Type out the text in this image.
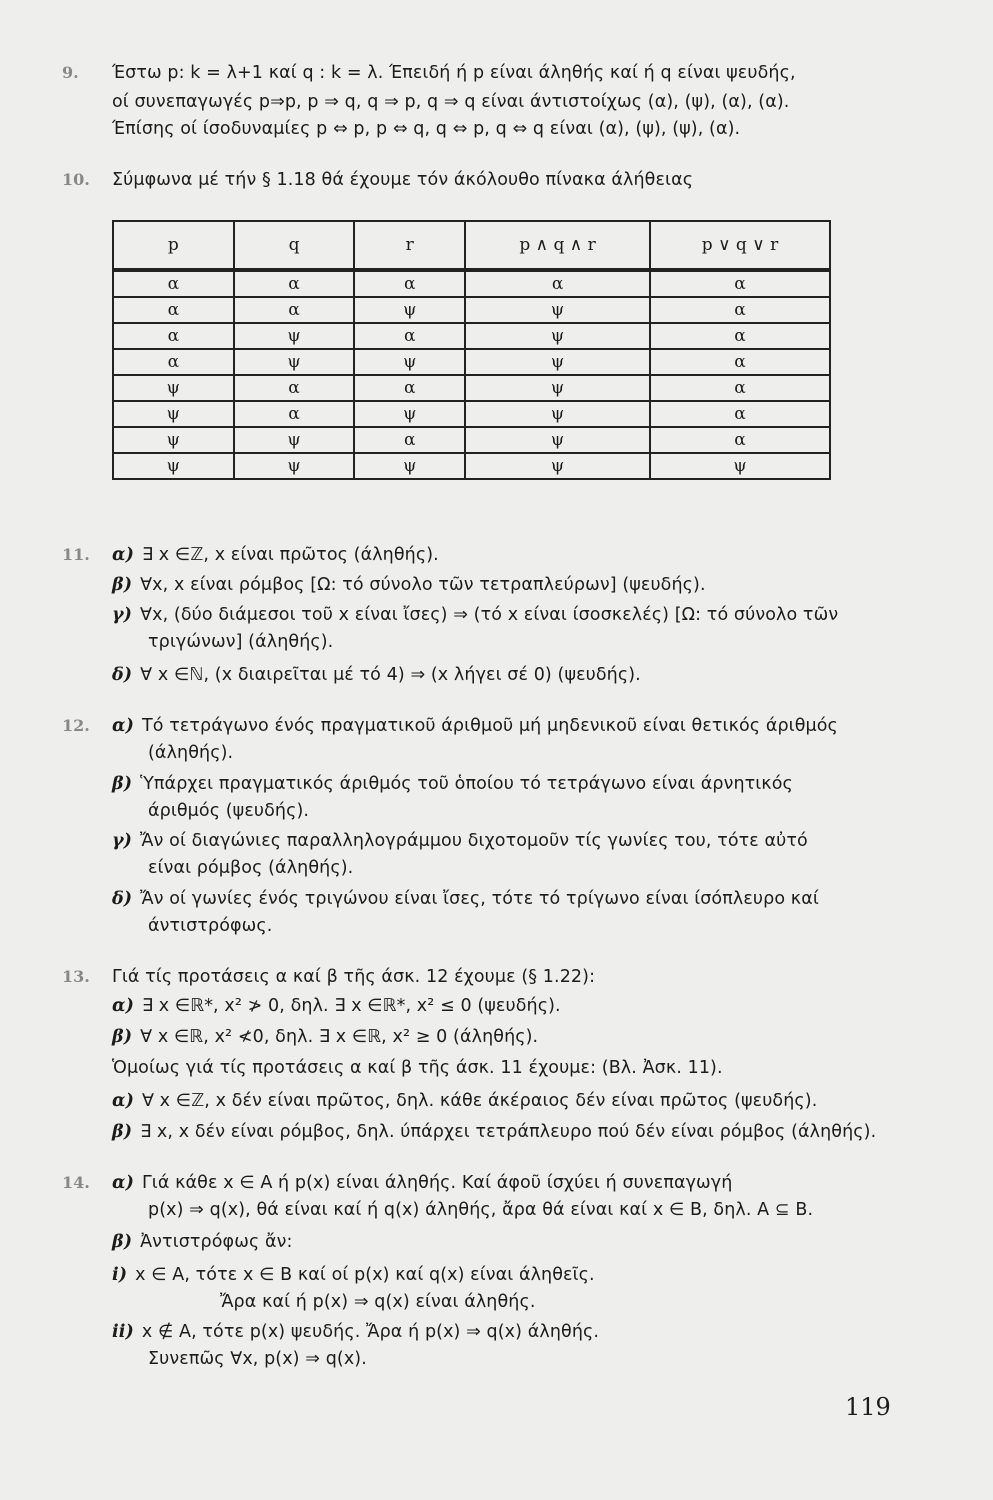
9. Έστω p: k = λ+1 καί q : k = λ. Έπειδή ή p είναι άληθής καί ή q είναι ψευδής,
οί συνεπαγωγές p⇒p, p ⇒ q, q ⇒ p, q ⇒ q είναι άντιστοίχως (α), (ψ), (α), (α).
Έπίσης οί ίσοδυναμίες p ⇔ p, p ⇔ q, q ⇔ p, q ⇔ q είναι (α), (ψ), (ψ), (α).
10. Σύμφωνα μέ τήν § 1.18 θά έχουμε τόν άκόλουθο πίνακα άλήθειας
p	q	r	p ∧ q ∧ r	p ∨ q ∨ r
α	α	α	α	α
α	α	ψ	ψ	α
α	ψ	α	ψ	α
α	ψ	ψ	ψ	α
ψ	α	α	ψ	α
ψ	α	ψ	ψ	α
ψ	ψ	α	ψ	α
ψ	ψ	ψ	ψ	ψ
11. α) ∃ x ∈ℤ, x είναι πρῶτος (άληθής).
β) ∀x, x είναι ρόμβος [Ω: τό σύνολο τῶν τετραπλεύρων] (ψευδής).
γ) ∀x, (δύο διάμεσοι τοῦ x είναι ἴσες) ⇒ (τό x είναι ίσοσκελές) [Ω: τό σύνολο τῶν
τριγώνων] (άληθής).
δ) ∀ x ∈ℕ, (x διαιρεῖται μέ τό 4) ⇒ (x λήγει σέ 0) (ψευδής).
12. α) Τό τετράγωνο ένός πραγματικοῦ άριθμοῦ μή μηδενικοῦ είναι θετικός άριθμός
(άληθής).
β) Ὑπάρχει πραγματικός άριθμός τοῦ ὁποίου τό τετράγωνο είναι άρνητικός
άριθμός (ψευδής).
γ) Ἄν οί διαγώνιες παραλληλογράμμου διχοτομοῦν τίς γωνίες του, τότε αὐτό
είναι ρόμβος (άληθής).
δ) Ἄν οί γωνίες ένός τριγώνου είναι ἴσες, τότε τό τρίγωνο είναι ίσόπλευρο καί
άντιστρόφως.
13. Γιά τίς προτάσεις α καί β τῆς άσκ. 12 έχουμε (§ 1.22):
α) ∃ x ∈ℝ*, x² ≯ 0, δηλ. ∃ x ∈ℝ*, x² ≤ 0 (ψευδής).
β) ∀ x ∈ℝ, x² ≮0, δηλ. ∃ x ∈ℝ, x² ≥ 0 (άληθής).
Ὁμοίως γιά τίς προτάσεις α καί β τῆς άσκ. 11 έχουμε: (Βλ. Ἀσκ. 11).
α) ∀ x ∈ℤ, x δέν είναι πρῶτος, δηλ. κάθε άκέραιος δέν είναι πρῶτος (ψευδής).
β) ∃ x, x δέν είναι ρόμβος, δηλ. ύπάρχει τετράπλευρο πού δέν είναι ρόμβος (άληθής).
14. α) Γιά κάθε x ∈ A ή p(x) είναι άληθής. Καί άφοῦ ίσχύει ή συνεπαγωγή
p(x) ⇒ q(x), θά είναι καί ή q(x) άληθής, ἄρα θά είναι καί x ∈ B, δηλ. A ⊆ B.
β) Ἀντιστρόφως ἄν:
i) x ∈ A, τότε x ∈ B καί οί p(x) καί q(x) είναι άληθεῖς.
Ἄρα καί ή p(x) ⇒ q(x) είναι άληθής.
ii) x ∉ A, τότε p(x) ψευδής. Ἄρα ή p(x) ⇒ q(x) άληθής.
Συνεπῶς ∀x, p(x) ⇒ q(x).
119
